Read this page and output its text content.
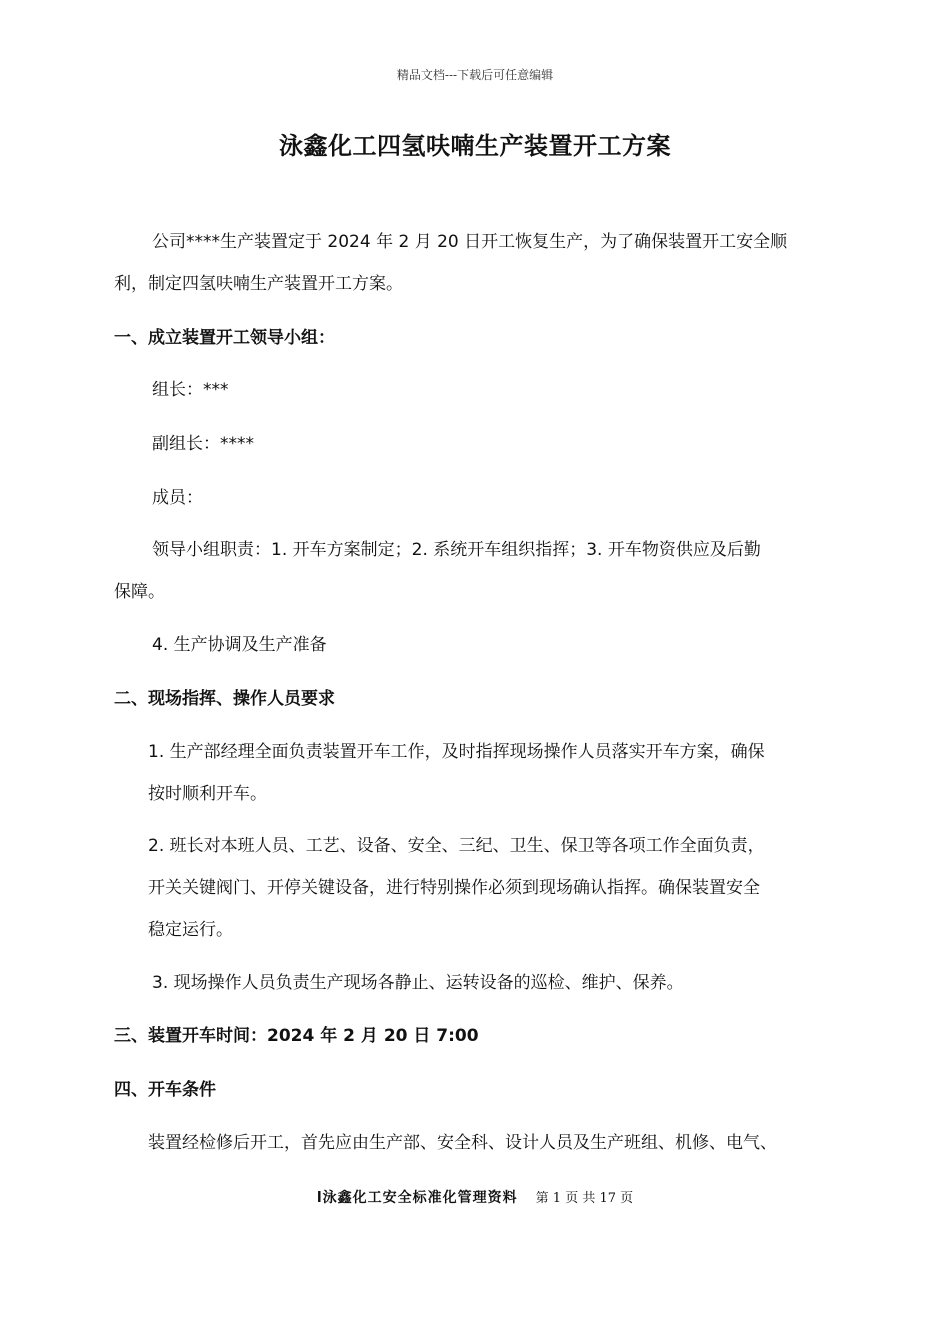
精品文档---下载后可任意编辑
泳鑫化工四氢呋喃生产装置开工方案
公司****生产装置定于 2024 年 2 月 20 日开工恢复生产，为了确保装置开工安全顺
利，制定四氢呋喃生产装置开工方案。
一、成立装置开工领导小组：
组长：***
副组长：****
成员：
领导小组职责：1. 开车方案制定；2. 系统开车组织指挥；3. 开车物资供应及后勤
保障。
4. 生产协调及生产准备
二、现场指挥、操作人员要求
1. 生产部经理全面负责装置开车工作，及时指挥现场操作人员落实开车方案，确保
按时顺利开车。
2. 班长对本班人员、工艺、设备、安全、三纪、卫生、保卫等各项工作全面负责，
开关关键阀门、开停关键设备，进行特别操作必须到现场确认指挥。确保装置安全
稳定运行。
3. 现场操作人员负责生产现场各静止、运转设备的巡检、维护、保养。
三、装置开车时间：2024 年 2 月 20 日 7:00
四、开车条件
装置经检修后开工，首先应由生产部、安全科、设计人员及生产班组、机修、电气、
l泳鑫化工安全标准化管理资料 第 1 页 共 17 页
